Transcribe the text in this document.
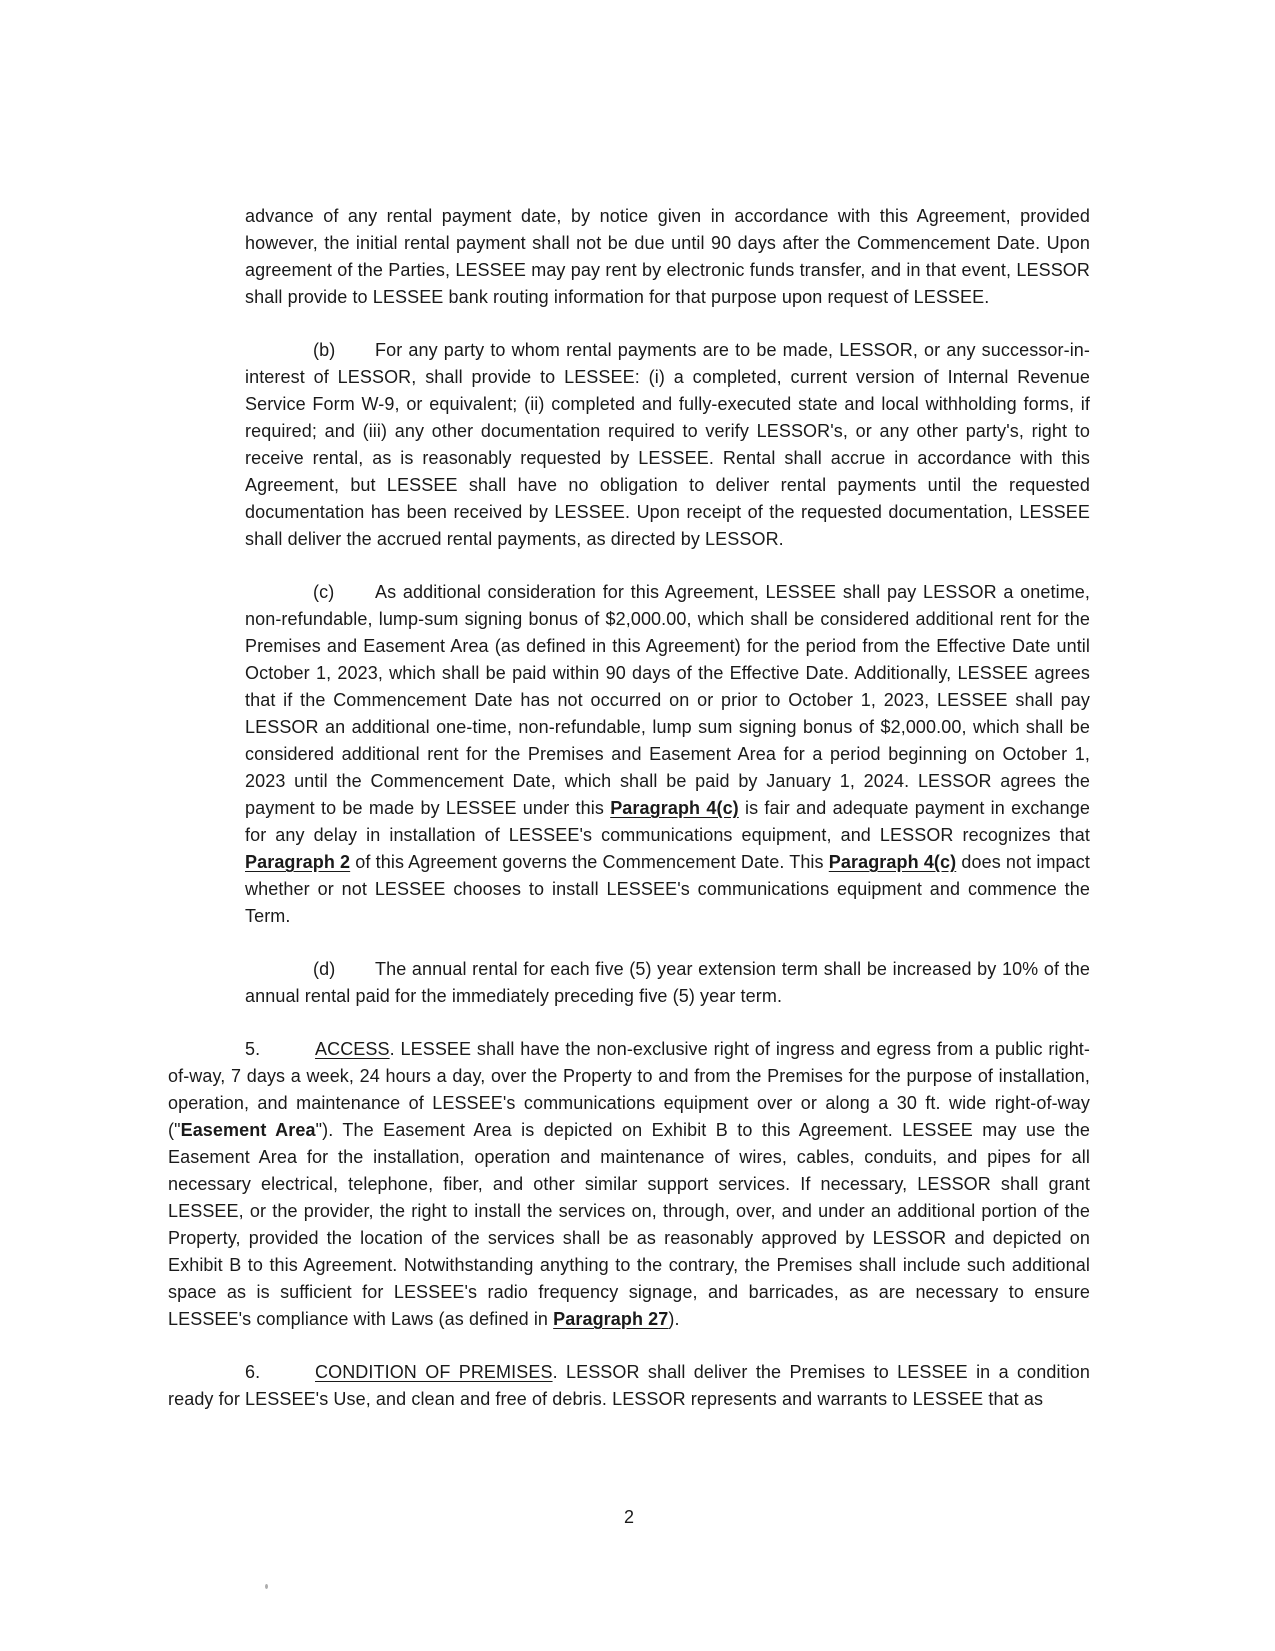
advance of any rental payment date, by notice given in accordance with this Agreement, provided however, the initial rental payment shall not be due until 90 days after the Commencement Date. Upon agreement of the Parties, LESSEE may pay rent by electronic funds transfer, and in that event, LESSOR shall provide to LESSEE bank routing information for that purpose upon request of LESSEE.

(b) For any party to whom rental payments are to be made, LESSOR, or any successor-in-interest of LESSOR, shall provide to LESSEE: (i) a completed, current version of Internal Revenue Service Form W-9, or equivalent; (ii) completed and fully-executed state and local withholding forms, if required; and (iii) any other documentation required to verify LESSOR's, or any other party's, right to receive rental, as is reasonably requested by LESSEE. Rental shall accrue in accordance with this Agreement, but LESSEE shall have no obligation to deliver rental payments until the requested documentation has been received by LESSEE. Upon receipt of the requested documentation, LESSEE shall deliver the accrued rental payments, as directed by LESSOR.

(c) As additional consideration for this Agreement, LESSEE shall pay LESSOR a onetime, non-refundable, lump-sum signing bonus of $2,000.00, which shall be considered additional rent for the Premises and Easement Area (as defined in this Agreement) for the period from the Effective Date until October 1, 2023, which shall be paid within 90 days of the Effective Date. Additionally, LESSEE agrees that if the Commencement Date has not occurred on or prior to October 1, 2023, LESSEE shall pay LESSOR an additional one-time, non-refundable, lump sum signing bonus of $2,000.00, which shall be considered additional rent for the Premises and Easement Area for a period beginning on October 1, 2023 until the Commencement Date, which shall be paid by January 1, 2024. LESSOR agrees the payment to be made by LESSEE under this Paragraph 4(c) is fair and adequate payment in exchange for any delay in installation of LESSEE's communications equipment, and LESSOR recognizes that Paragraph 2 of this Agreement governs the Commencement Date. This Paragraph 4(c) does not impact whether or not LESSEE chooses to install LESSEE's communications equipment and commence the Term.

(d) The annual rental for each five (5) year extension term shall be increased by 10% of the annual rental paid for the immediately preceding five (5) year term.

5.	ACCESS. LESSEE shall have the non-exclusive right of ingress and egress from a public right-of-way, 7 days a week, 24 hours a day, over the Property to and from the Premises for the purpose of installation, operation, and maintenance of LESSEE's communications equipment over or along a 30 ft. wide right-of-way ("Easement Area"). The Easement Area is depicted on Exhibit B to this Agreement. LESSEE may use the Easement Area for the installation, operation and maintenance of wires, cables, conduits, and pipes for all necessary electrical, telephone, fiber, and other similar support services. If necessary, LESSOR shall grant LESSEE, or the provider, the right to install the services on, through, over, and under an additional portion of the Property, provided the location of the services shall be as reasonably approved by LESSOR and depicted on Exhibit B to this Agreement. Notwithstanding anything to the contrary, the Premises shall include such additional space as is sufficient for LESSEE's radio frequency signage, and barricades, as are necessary to ensure LESSEE's compliance with Laws (as defined in Paragraph 27).

6.	CONDITION OF PREMISES. LESSOR shall deliver the Premises to LESSEE in a condition ready for LESSEE's Use, and clean and free of debris. LESSOR represents and warrants to LESSEE that as

2
